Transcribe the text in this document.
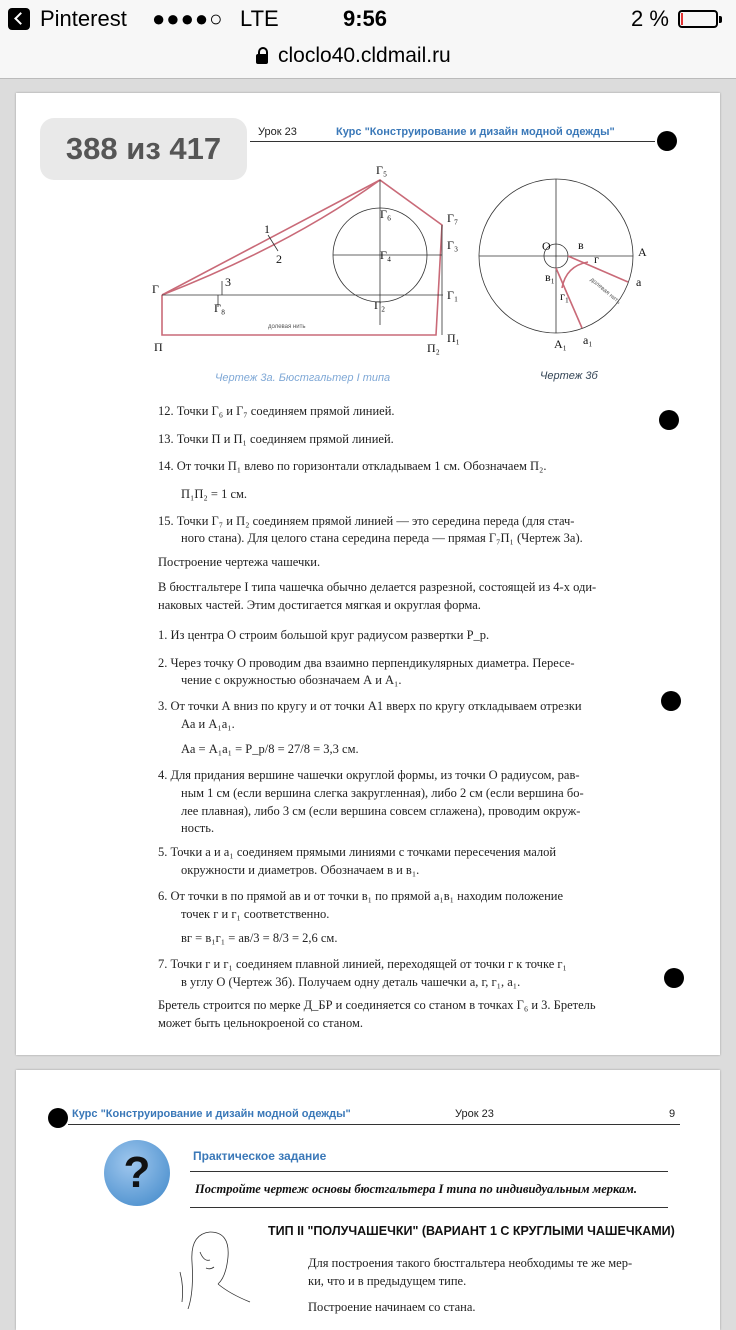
Pinterest ●●●●○ LTE	9:56	2 %
cloclo40.cldmail.ru
Урок 23	Курс "Конструирование и дизайн модной одежды"
388 из 417
Г₅
Г₆	Г₇
Г₃
Г₄
Г₁
Г₂
Г₈
Г
П	П₂
П₁
1
2
3
долевая нить
Чертеж 3а. Бюстгальтер I типа
О	А
а
А₁ а₁
в
в₁
г
г₁	долевая нить
Чертеж 3б
12. Точки Г₆ и Г₇ соединяем прямой линией.
13. Точки П и П₁ соединяем прямой линией.
14. От точки П₁ влево по горизонтали откладываем 1 см. Обозначаем П₂.
П₁П₂ = 1 см.
15. Точки Г₇ и П₂ соединяем прямой линией — это середина переда (для стач-
ного стана). Для целого стана середина переда — прямая Г₇П₁ (Чертеж 3а).
Построение чертежа чашечки.
В бюстгальтере I типа чашечка обычно делается разрезной, состоящей из 4-х оди-
наковых частей. Этим достигается мягкая и округлая форма.
1. Из центра О строим большой круг радиусом развертки Р_р.
2. Через точку О проводим два взаимно перпендикулярных диаметра. Пересе-
чение с окружностью обозначаем А и А₁.
3. От точки А вниз по кругу и от точки А1 вверх по кругу откладываем отрезки
Аа и А₁а₁.
Аа = А₁а₁ = Р_р/8 = 27/8 = 3,3 см.
4. Для придания вершине чашечки округлой формы, из точки О радиусом, рав-
ным 1 см (если вершина слегка закругленная), либо 2 см (если вершина бо-
лее плавная), либо 3 см (если вершина совсем сглажена), проводим окруж-
ность.
5. Точки а и а₁ соединяем прямыми линиями с точками пересечения малой
окружности и диаметров. Обозначаем в и в₁.
6. От точки в по прямой ав и от точки в₁ по прямой а₁в₁ находим положение
точек г и г₁ соответственно.
вг = в₁г₁ = ав/3 = 8/3 = 2,6 см.
7. Точки г и г₁ соединяем плавной линией, переходящей от точки г к точке г₁
в углу О (Чертеж 3б). Получаем одну деталь чашечки а, г, г₁, а₁.
Бретель строится по мерке Д_БР и соединяется со станом в точках Г₆ и 3. Бретель
может быть цельнокроеной со станом.
Курс "Конструирование и дизайн модной одежды"	Урок 23	9
?	Практическое задание
Постройте чертеж основы бюстгальтера I типа по индивидуальным меркам.
ТИП II "ПОЛУЧАШЕЧКИ" (ВАРИАНТ 1 С КРУГЛЫМИ ЧАШЕЧКАМИ)
Для построения такого бюстгальтера необходимы те же мер-
ки, что и в предыдущем типе.
Построение начинаем со стана.
